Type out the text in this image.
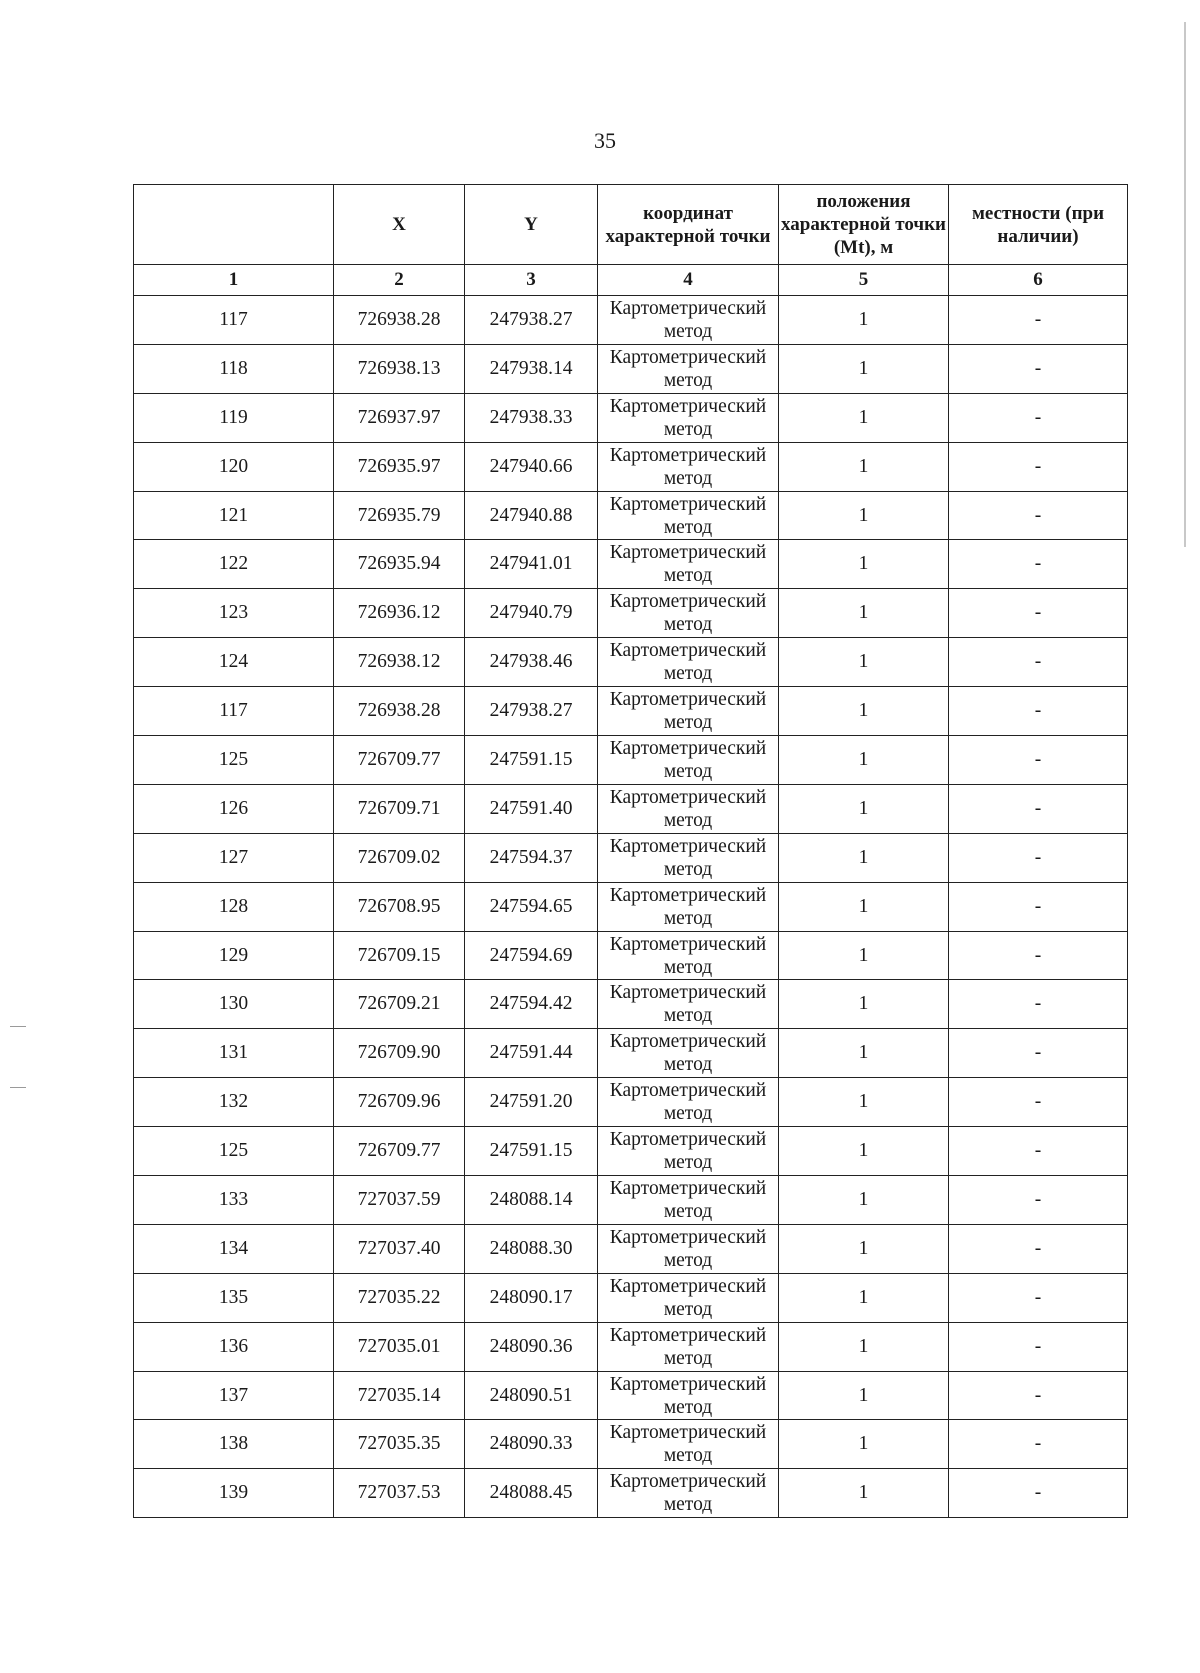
35
	X	Y	координат характерной точки	положения характерной точки (Mt), м	местности (при наличии)
1	2	3	4	5	6
117	726938.28	247938.27	Картометрический метод	1	-
118	726938.13	247938.14	Картометрический метод	1	-
119	726937.97	247938.33	Картометрический метод	1	-
120	726935.97	247940.66	Картометрический метод	1	-
121	726935.79	247940.88	Картометрический метод	1	-
122	726935.94	247941.01	Картометрический метод	1	-
123	726936.12	247940.79	Картометрический метод	1	-
124	726938.12	247938.46	Картометрический метод	1	-
117	726938.28	247938.27	Картометрический метод	1	-
125	726709.77	247591.15	Картометрический метод	1	-
126	726709.71	247591.40	Картометрический метод	1	-
127	726709.02	247594.37	Картометрический метод	1	-
128	726708.95	247594.65	Картометрический метод	1	-
129	726709.15	247594.69	Картометрический метод	1	-
130	726709.21	247594.42	Картометрический метод	1	-
131	726709.90	247591.44	Картометрический метод	1	-
132	726709.96	247591.20	Картометрический метод	1	-
125	726709.77	247591.15	Картометрический метод	1	-
133	727037.59	248088.14	Картометрический метод	1	-
134	727037.40	248088.30	Картометрический метод	1	-
135	727035.22	248090.17	Картометрический метод	1	-
136	727035.01	248090.36	Картометрический метод	1	-
137	727035.14	248090.51	Картометрический метод	1	-
138	727035.35	248090.33	Картометрический метод	1	-
139	727037.53	248088.45	Картометрический метод	1	-
